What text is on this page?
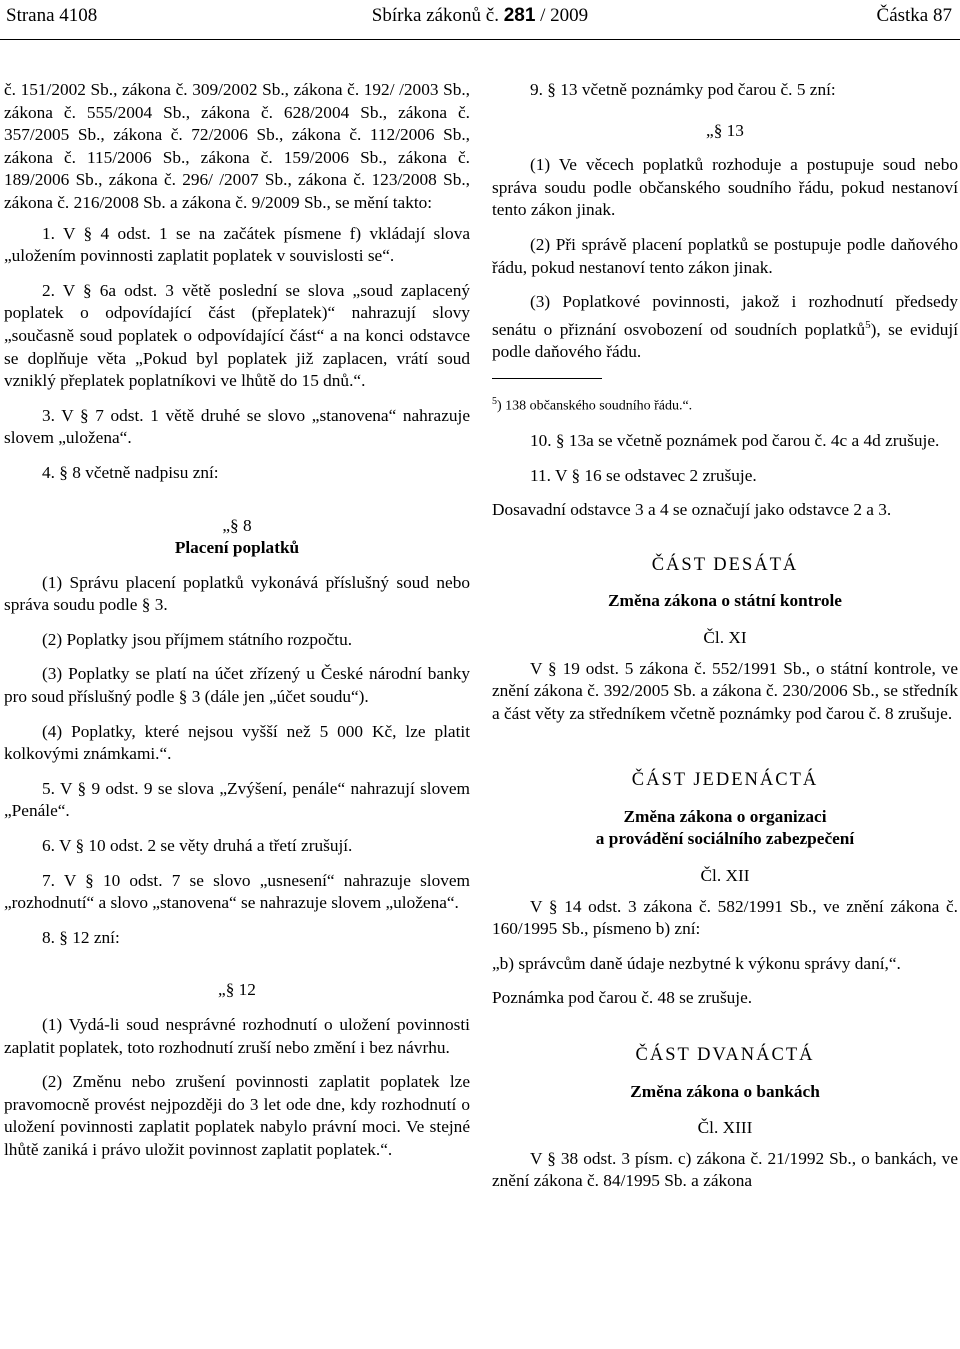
Strana 4108	Sbírka zákonů č. 281 / 2009	Částka 87

č. 151/2002 Sb., zákona č. 309/2002 Sb., zákona č. 192/ /2003 Sb., zákona č. 555/2004 Sb., zákona č. 628/2004 Sb., zákona č. 357/2005 Sb., zákona č. 72/2006 Sb., zákona č. 112/2006 Sb., zákona č. 115/2006 Sb., zákona č. 159/2006 Sb., zákona č. 189/2006 Sb., zákona č. 296/ /2007 Sb., zákona č. 123/2008 Sb., zákona č. 216/2008 Sb. a zákona č. 9/2009 Sb., se mění takto:

1. V § 4 odst. 1 se na začátek písmene f) vkládají slova „uložením povinnosti zaplatit poplatek v souvislosti se“.

2. V § 6a odst. 3 větě poslední se slova „soud zaplacený poplatek o odpovídající část (přeplatek)“ nahrazují slovy „současně soud poplatek o odpovídající část“ a na konci odstavce se doplňuje věta „Pokud byl poplatek již zaplacen, vrátí soud vzniklý přeplatek poplatníkovi ve lhůtě do 15 dnů.“.

3. V § 7 odst. 1 větě druhé se slovo „stanovena“ nahrazuje slovem „uložena“.

4. § 8 včetně nadpisu zní:

„§ 8

Placení poplatků

(1) Správu placení poplatků vykonává příslušný soud nebo správa soudu podle § 3.

(2) Poplatky jsou příjmem státního rozpočtu.

(3) Poplatky se platí na účet zřízený u České národní banky pro soud příslušný podle § 3 (dále jen „účet soudu“).

(4) Poplatky, které nejsou vyšší než 5 000 Kč, lze platit kolkovými známkami.“.

5. V § 9 odst. 9 se slova „Zvýšení, penále“ nahrazují slovem „Penále“.

6. V § 10 odst. 2 se věty druhá a třetí zrušují.

7. V § 10 odst. 7 se slovo „usnesení“ nahrazuje slovem „rozhodnutí“ a slovo „stanovena“ se nahrazuje slovem „uložena“.

8. § 12 zní:

„§ 12

(1) Vydá-li soud nesprávné rozhodnutí o uložení povinnosti zaplatit poplatek, toto rozhodnutí zruší nebo změní i bez návrhu.

(2) Změnu nebo zrušení povinnosti zaplatit poplatek lze pravomocně provést nejpozději do 3 let ode dne, kdy rozhodnutí o uložení povinnosti zaplatit poplatek nabylo právní moci. Ve stejné lhůtě zaniká i právo uložit povinnost zaplatit poplatek.“.

9. § 13 včetně poznámky pod čarou č. 5 zní:

„§ 13

(1) Ve věcech poplatků rozhoduje a postupuje soud nebo správa soudu podle občanského soudního řádu, pokud nestanoví tento zákon jinak.

(2) Při správě placení poplatků se postupuje podle daňového řádu, pokud nestanoví tento zákon jinak.

(3) Poplatkové povinnosti, jakož i rozhodnutí předsedy senátu o přiznání osvobození od soudních poplatků$^5$), se evidují podle daňového řádu.

$^5$) 138 občanského soudního řádu.“.

10. § 13a se včetně poznámek pod čarou č. 4c a 4d zrušuje.

11. V § 16 se odstavec 2 zrušuje.

Dosavadní odstavce 3 a 4 se označují jako odstavce 2 a 3.

ČÁST DESÁTÁ

Změna zákona o státní kontrole

Čl. XI

V § 19 odst. 5 zákona č. 552/1991 Sb., o státní kontrole, ve znění zákona č. 392/2005 Sb. a zákona č. 230/2006 Sb., se středník a část věty za středníkem včetně poznámky pod čarou č. 8 zrušuje.

ČÁST JEDENÁCTÁ

Změna zákona o organizaci

a provádění sociálního zabezpečení

Čl. XII

V § 14 odst. 3 zákona č. 582/1991 Sb., ve znění zákona č. 160/1995 Sb., písmeno b) zní:

„b) správcům daně údaje nezbytné k výkonu správy daní,“.

Poznámka pod čarou č. 48 se zrušuje.

ČÁST DVANÁCTÁ

Změna zákona o bankách

Čl. XIII

V § 38 odst. 3 písm. c) zákona č. 21/1992 Sb., o bankách, ve znění zákona č. 84/1995 Sb. a zákona
